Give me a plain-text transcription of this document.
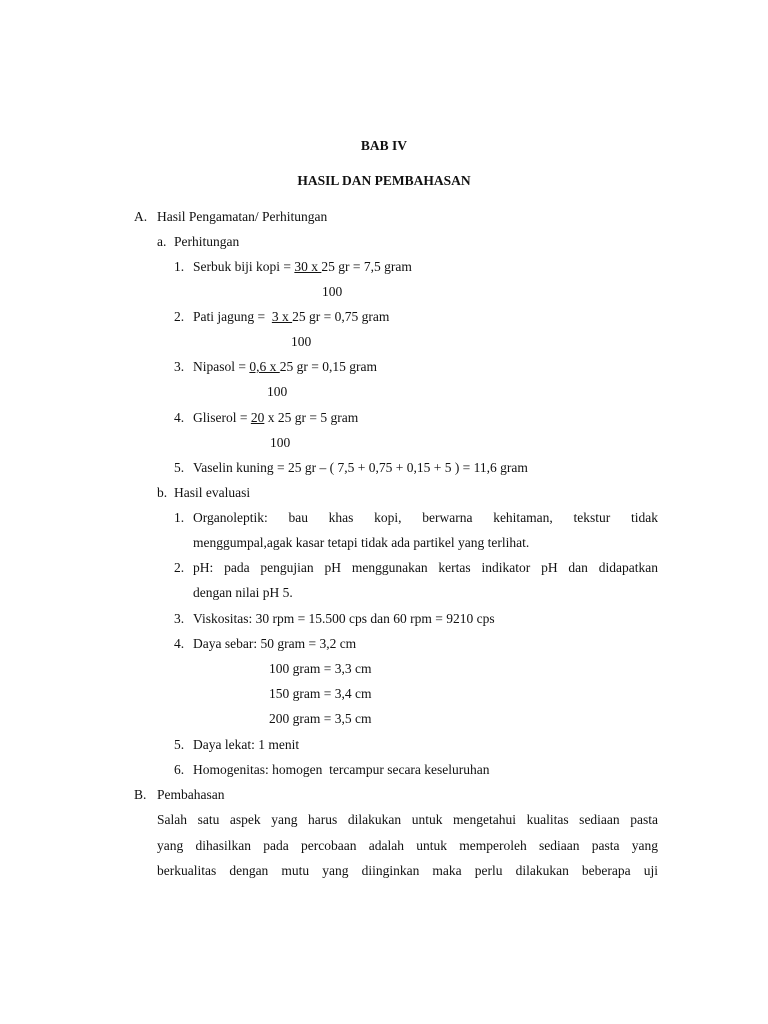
BAB IV
HASIL DAN PEMBAHASAN
A. Hasil Pengamatan/ Perhitungan
a. Perhitungan
1. Serbuk biji kopi = 30 x 25 gr = 7,5 gram
100
2. Pati jagung =  3 x 25 gr = 0,75 gram
100
3. Nipasol = 0,6 x 25 gr = 0,15 gram
100
4. Gliserol = 20 x 25 gr = 5 gram
100
5. Vaselin kuning = 25 gr – ( 7,5 + 0,75 + 0,15 + 5 ) = 11,6 gram
b. Hasil evaluasi
1. Organoleptik: bau khas kopi, berwarna kehitaman, tekstur tidak
menggumpal,agak kasar tetapi tidak ada partikel yang terlihat.
2. pH: pada pengujian pH menggunakan kertas indikator pH dan didapatkan
dengan nilai pH 5.
3. Viskositas: 30 rpm = 15.500 cps dan 60 rpm = 9210 cps
4. Daya sebar: 50 gram = 3,2 cm
100 gram = 3,3 cm
150 gram = 3,4 cm
200 gram = 3,5 cm
5. Daya lekat: 1 menit
6. Homogenitas: homogen  tercampur secara keseluruhan
B. Pembahasan
Salah satu aspek yang harus dilakukan untuk mengetahui kualitas sediaan pasta
yang dihasilkan pada percobaan adalah untuk memperoleh sediaan pasta yang
berkualitas dengan mutu yang diinginkan maka perlu dilakukan beberapa uji
